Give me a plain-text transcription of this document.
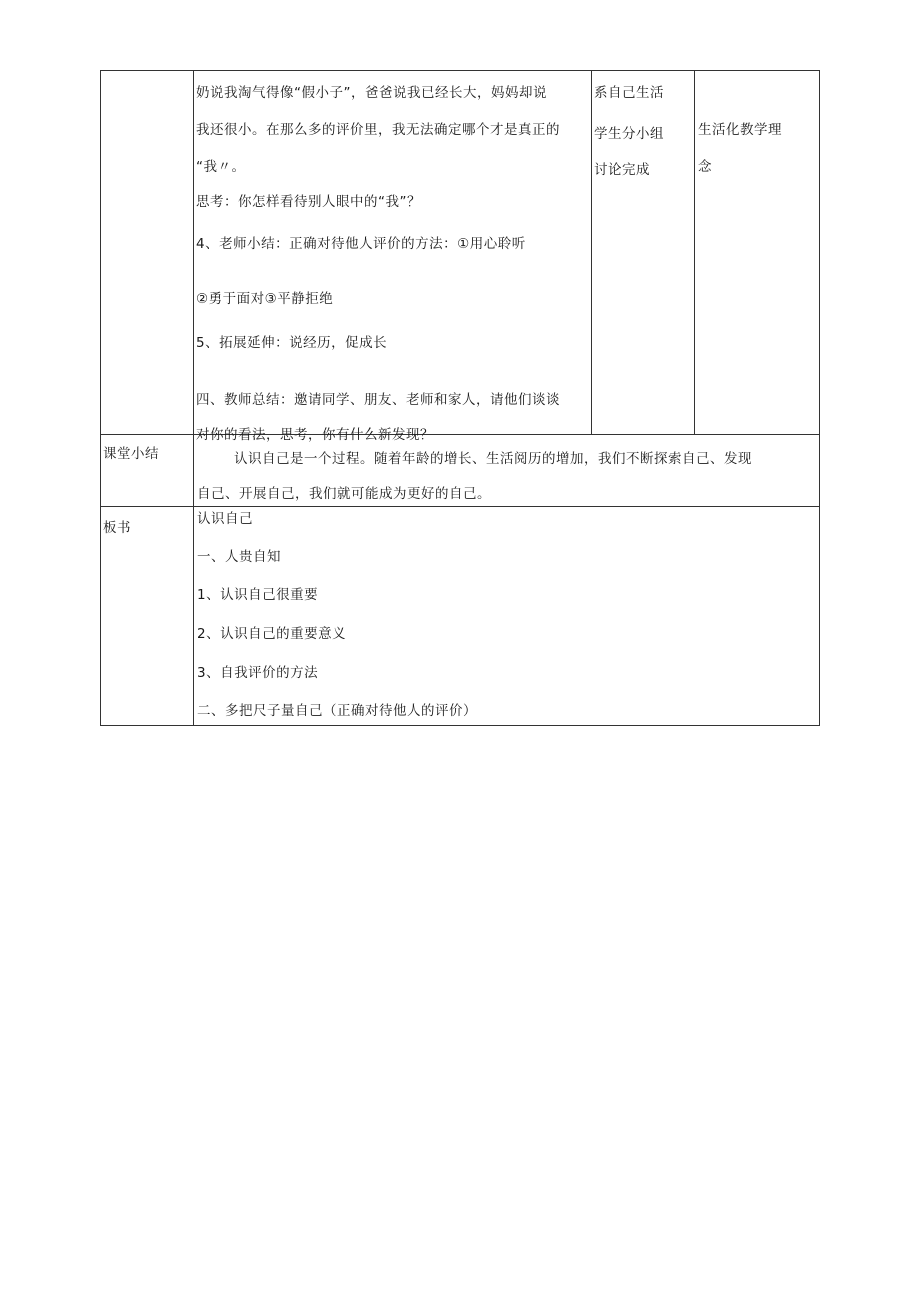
奶说我淘气得像“假小子”，爸爸说我已经长大，妈妈却说
我还很小。在那么多的评价里，我无法确定哪个才是真正的
“我〃。
思考：你怎样看待别人眼中的“我”？
4、老师小结：正确对待他人评价的方法：①用心聆听
②勇于面对③平静拒绝
5、拓展延伸：说经历，促成长
四、教师总结：邀请同学、朋友、老师和家人，请他们谈谈
对你的看法，思考，你有什么新发现？
系自己生活
学生分小组
讨论完成
生活化教学理
念
课堂小结	认识自己是一个过程。随着年龄的增长、生活阅历的增加，我们不断探索自己、发现
自己、开展自己，我们就可能成为更好的自己。
板书
认识自己
一、人贵自知
1、认识自己很重要
2、认识自己的重要意义
3、自我评价的方法
二、多把尺子量自己（正确对待他人的评价）
